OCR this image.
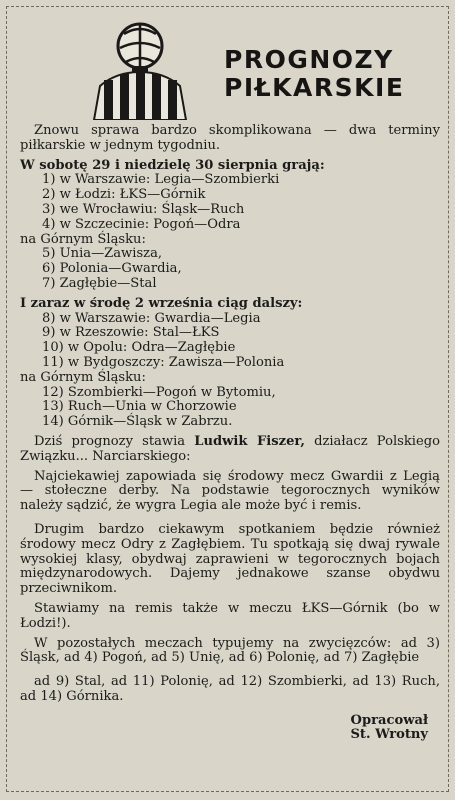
PROGNOZY
PIŁKARSKIE

Znowu sprawa bardzo skomplikowana — dwa terminy piłkarskie w jednym tygodniu.

W sobotę 29 i niedzielę 30 sierpnia grają:

1) w Warszawie: Legia—Szombierki
2) w Łodzi: ŁKS—Górnik
3) we Wrocławiu: Śląsk—Ruch
4) w Szczecinie: Pogoń—Odra

na Górnym Śląsku:

5) Unia—Zawisza,
6) Polonia—Gwardia,
7) Zagłębie—Stal

I zaraz w środę 2 września ciąg dalszy:

8) w Warszawie: Gwardia—Legia
9) w Rzeszowie: Stal—ŁKS
10) w Opolu: Odra—Zagłębie
11) w Bydgoszczy: Zawisza—Polonia

na Górnym Śląsku:

12) Szombierki—Pogoń w Bytomiu,
13) Ruch—Unia w Chorzowie
14) Górnik—Śląsk w Zabrzu.

Dziś prognozy stawia Ludwik Fiszer, działacz Polskiego Związku... Narciarskiego:

Najciekawiej zapowiada się środowy mecz Gwardii z Legią — stołeczne derby. Na podstawie tegorocznych wyników należy sądzić, że wygra Legia ale może być i remis.

Drugim bardzo ciekawym spotkaniem będzie również środowy mecz Odry z Zagłębiem. Tu spotkają się dwaj rywale wysokiej klasy, obydwaj zaprawieni w tegorocznych bojach międzynarodowych. Dajemy jednakowe szanse obydwu przeciwnikom.

Stawiamy na remis także w meczu ŁKS—Górnik (bo w Łodzi!).

W pozostałych meczach typujemy na zwycięzców: ad 3) Śląsk, ad 4) Pogoń, ad 5) Unię, ad 6) Polonię, ad 7) Zagłębie

ad 9) Stal, ad 11) Polonię, ad 12) Szombierki, ad 13) Ruch, ad 14) Górnika.

Opracował

St. Wrotny
